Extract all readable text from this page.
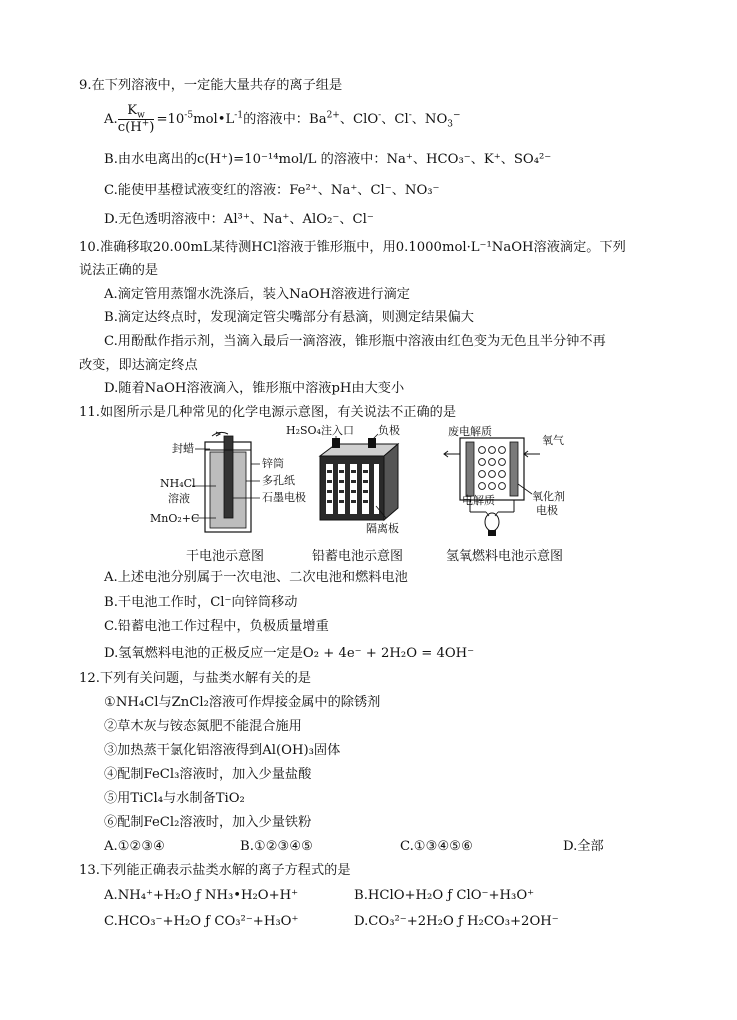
9.在下列溶液中，一定能大量共存的离子组是
A. $\frac{K_w}{c(H^+)}$ $=10^{-5}mol•L^{-1}$的溶液中：$Ba^{2+}$、ClO-、Cl-、$NO_3^-$
B.由水电离出的c(H⁺)=10⁻¹⁴mol/L 的溶液中：Na⁺、HCO₃⁻、K⁺、SO₄²⁻
C.能使甲基橙试液变红的溶液：Fe²⁺、Na⁺、Cl⁻、NO₃⁻
D.无色透明溶液中：Al³⁺、Na⁺、AlO₂⁻、Cl⁻
10.准确移取20.00mL某待测HCl溶液于锥形瓶中，用0.1000mol·L⁻¹NaOH溶液滴定。下列
说法正确的是
A.滴定管用蒸馏水洗涤后，装入NaOH溶液进行滴定
B.滴定达终点时，发现滴定管尖嘴部分有悬滴，则测定结果偏大
C.用酚酞作指示剂，当滴入最后一滴溶液，锥形瓶中溶液由红色变为无色且半分钟不再
改变，即达滴定终点
D.随着NaOH溶液滴入，锥形瓶中溶液pH由大变小
11.如图所示是几种常见的化学电源示意图，有关说法不正确的是
封蜡
NH₄Cl
溶液
MnO₂+C
锌筒
多孔纸
石墨电极
干电池示意图
H₂SO₄注入口 负极
隔离板
铅蓄电池示意图
废电解质
氧气
电解质	氧化剂
电极
氢氧燃料电池示意图
A.上述电池分别属于一次电池、二次电池和燃料电池
B.干电池工作时，Cl⁻向锌筒移动
C.铅蓄电池工作过程中，负极质量增重
D.氢氧燃料电池的正极反应一定是O₂ + 4e⁻ + 2H₂O = 4OH⁻
12.下列有关问题，与盐类水解有关的是
①NH₄Cl与ZnCl₂溶液可作焊接金属中的除锈剂
②草木灰与铵态氮肥不能混合施用
③加热蒸干氯化铝溶液得到Al(OH)₃固体
④配制FeCl₃溶液时，加入少量盐酸
⑤用TiCl₄与水制备TiO₂
⑥配制FeCl₂溶液时，加入少量铁粉
A.①②③④	B.①②③④⑤	C.①③④⑤⑥	D.全部
13.下列能正确表示盐类水解的离子方程式的是
A.NH₄⁺+H₂O ƒ NH₃•H₂O+H⁺	B.HClO+H₂O ƒ ClO⁻+H₃O⁺
C.HCO₃⁻+H₂O ƒ CO₃²⁻+H₃O⁺	D.CO₃²⁻+2H₂O ƒ H₂CO₃+2OH⁻
